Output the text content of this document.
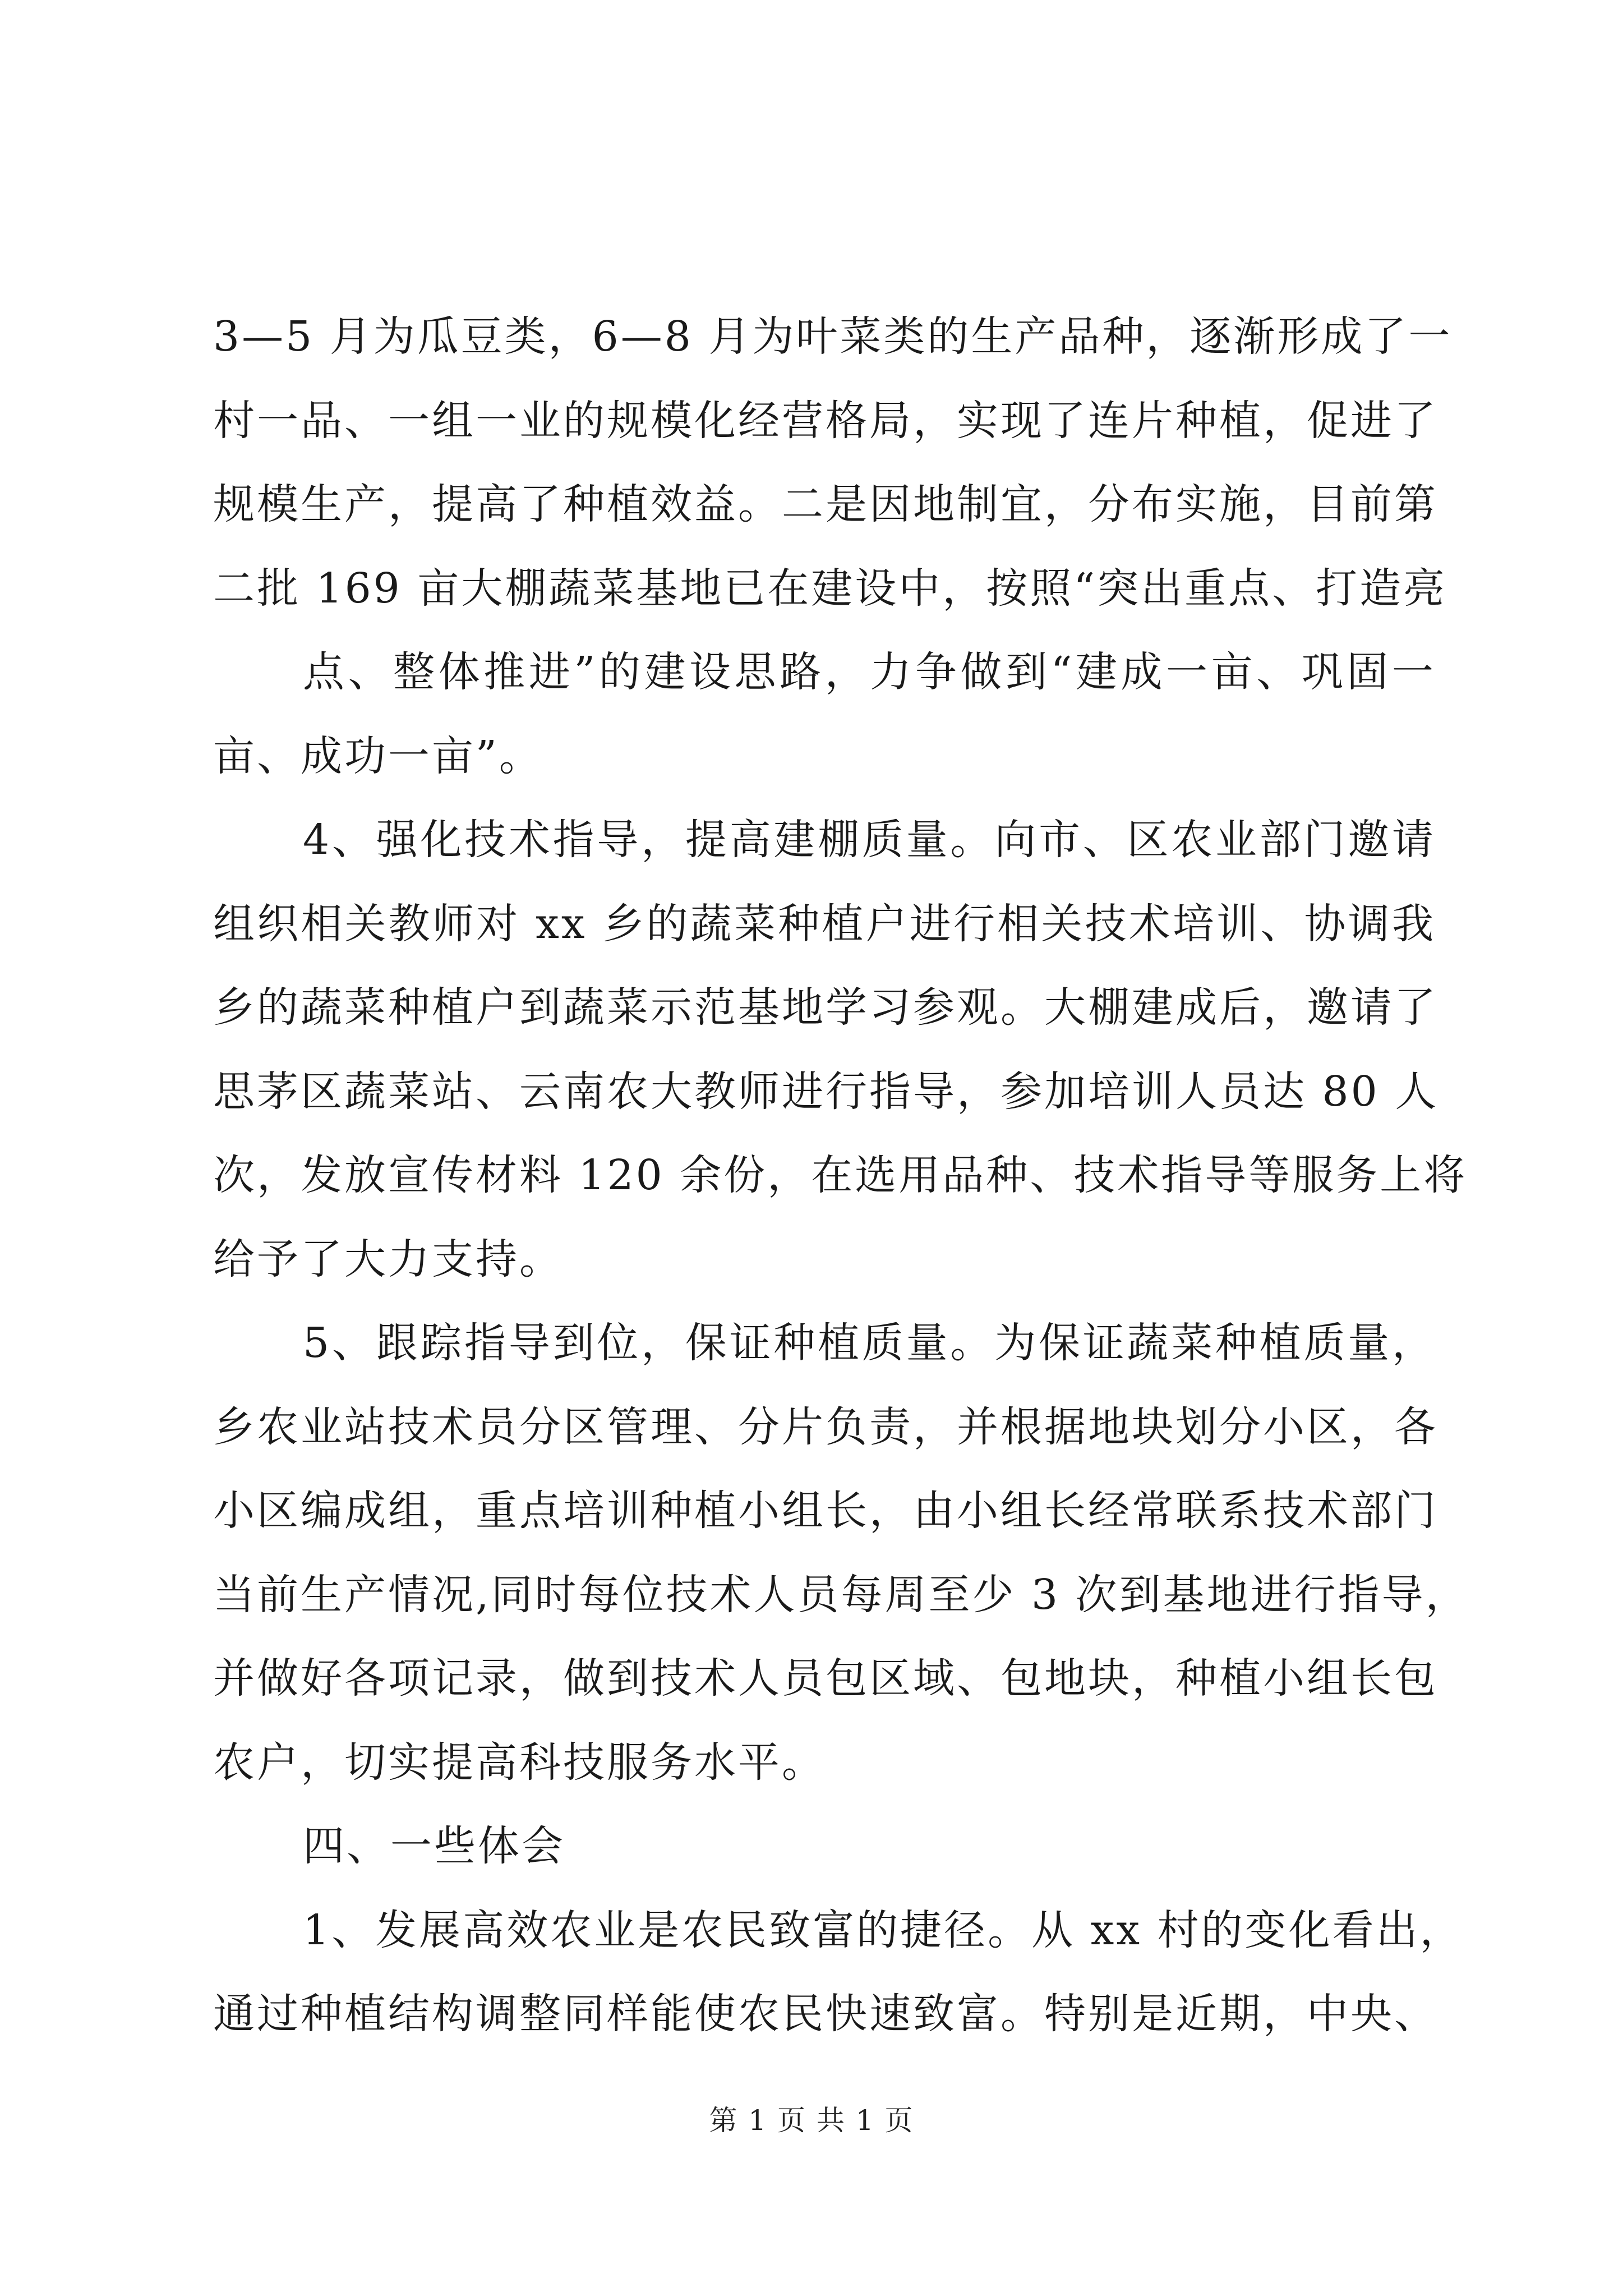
3—5 月为瓜豆类，6—8 月为叶菜类的生产品种，逐渐形成了一
村一品、一组一业的规模化经营格局，实现了连片种植，促进了
规模生产，提高了种植效益。二是因地制宜，分布实施，目前第
二批 169 亩大棚蔬菜基地已在建设中，按照“突出重点、打造亮
点、整体推进”的建设思路，力争做到“建成一亩、巩固一
亩、成功一亩”。
4、强化技术指导，提高建棚质量。向市、区农业部门邀请
组织相关教师对 xx 乡的蔬菜种植户进行相关技术培训、协调我
乡的蔬菜种植户到蔬菜示范基地学习参观。大棚建成后，邀请了
思茅区蔬菜站、云南农大教师进行指导，参加培训人员达 80 人
次，发放宣传材料 120 余份，在选用品种、技术指导等服务上将
给予了大力支持。
5、跟踪指导到位，保证种植质量。为保证蔬菜种植质量，
乡农业站技术员分区管理、分片负责，并根据地块划分小区，各
小区编成组，重点培训种植小组长，由小组长经常联系技术部门
当前生产情况,同时每位技术人员每周至少 3 次到基地进行指导，
并做好各项记录，做到技术人员包区域、包地块，种植小组长包
农户，切实提高科技服务水平。
四、一些体会
1、发展高效农业是农民致富的捷径。从 xx 村的变化看出，
通过种植结构调整同样能使农民快速致富。特别是近期，中央、
第 1 页 共 1 页
